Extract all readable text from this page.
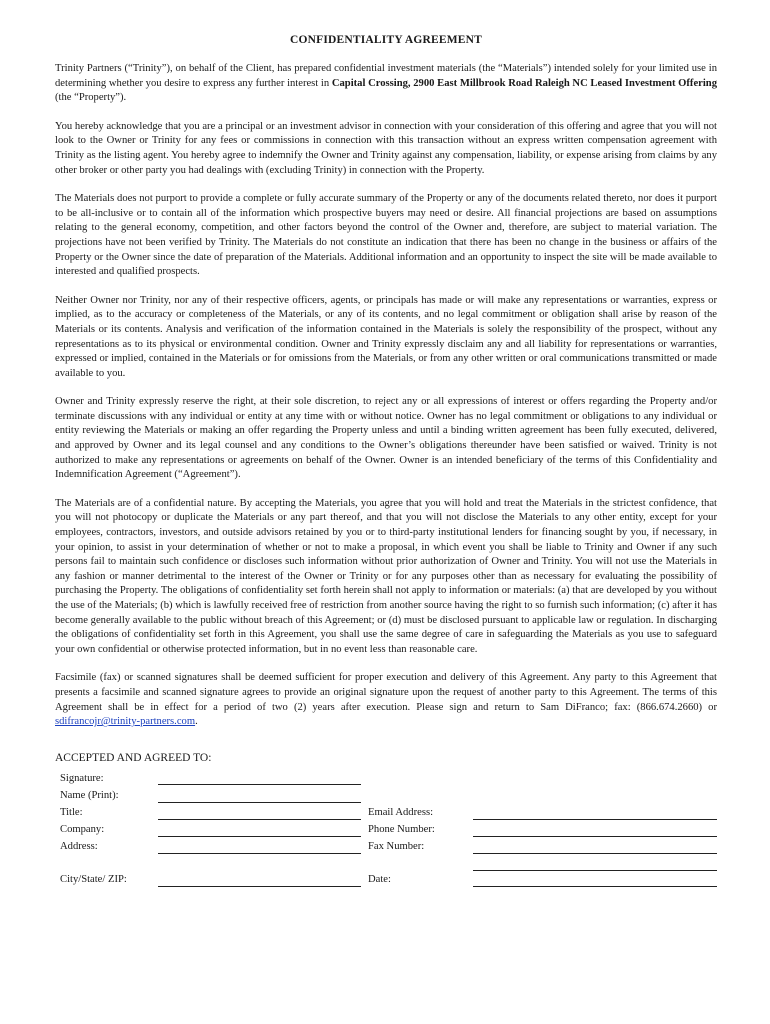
CONFIDENTIALITY AGREEMENT

Trinity Partners (“Trinity”), on behalf of the Client, has prepared confidential investment materials (the “Materials”) intended solely for your limited use in determining whether you desire to express any further interest in Capital Crossing, 2900 East Millbrook Road Raleigh NC Leased Investment Offering (the “Property”).

You hereby acknowledge that you are a principal or an investment advisor in connection with your consideration of this offering and agree that you will not look to the Owner or Trinity for any fees or commissions in connection with this transaction without an express written compensation agreement with Trinity as the listing agent. You hereby agree to indemnify the Owner and Trinity against any compensation, liability, or expense arising from claims by any other broker or other party you had dealings with (excluding Trinity) in connection with the Property.

The Materials does not purport to provide a complete or fully accurate summary of the Property or any of the documents related thereto, nor does it purport to be all-inclusive or to contain all of the information which prospective buyers may need or desire. All financial projections are based on assumptions relating to the general economy, competition, and other factors beyond the control of the Owner and, therefore, are subject to material variation. The projections have not been verified by Trinity. The Materials do not constitute an indication that there has been no change in the business or affairs of the Property or the Owner since the date of preparation of the Materials. Additional information and an opportunity to inspect the site will be made available to interested and qualified prospects.

Neither Owner nor Trinity, nor any of their respective officers, agents, or principals has made or will make any representations or warranties, express or implied, as to the accuracy or completeness of the Materials, or any of its contents, and no legal commitment or obligation shall arise by reason of the Materials or its contents. Analysis and verification of the information contained in the Materials is solely the responsibility of the prospect, without any representations as to its physical or environmental condition. Owner and Trinity expressly disclaim any and all liability for representations or warranties, expressed or implied, contained in the Materials or for omissions from the Materials, or from any other written or oral communications transmitted or made available to you.

Owner and Trinity expressly reserve the right, at their sole discretion, to reject any or all expressions of interest or offers regarding the Property and/or terminate discussions with any individual or entity at any time with or without notice. Owner has no legal commitment or obligations to any individual or entity reviewing the Materials or making an offer regarding the Property unless and until a binding written agreement has been fully executed, delivered, and approved by Owner and its legal counsel and any conditions to the Owner’s obligations thereunder have been satisfied or waived. Trinity is not authorized to make any representations or agreements on behalf of the Owner. Owner is an intended beneficiary of the terms of this Confidentiality and Indemnification Agreement (“Agreement”).

The Materials are of a confidential nature. By accepting the Materials, you agree that you will hold and treat the Materials in the strictest confidence, that you will not photocopy or duplicate the Materials or any part thereof, and that you will not disclose the Materials to any other entity, except for your employees, contractors, investors, and outside advisors retained by you or to third-party institutional lenders for financing sought by you, if necessary, in your opinion, to assist in your determination of whether or not to make a proposal, in which event you shall be liable to Trinity and Owner if any such persons fail to maintain such confidence or discloses such information without prior authorization of Owner and Trinity. You will not use the Materials in any fashion or manner detrimental to the interest of the Owner or Trinity or for any purposes other than as necessary for evaluating the possibility of purchasing the Property. The obligations of confidentiality set forth herein shall not apply to information or materials: (a) that are developed by you without the use of the Materials; (b) which is lawfully received free of restriction from another source having the right to so furnish such information; (c) after it has become generally available to the public without breach of this Agreement; or (d) must be disclosed pursuant to applicable law or regulation. In discharging the obligations of confidentiality set forth in this Agreement, you shall use the same degree of care in safeguarding the Materials as you use to safeguard your own confidential or otherwise protected information, but in no event less than reasonable care.

Facsimile (fax) or scanned signatures shall be deemed sufficient for proper execution and delivery of this Agreement. Any party to this Agreement that presents a facsimile and scanned signature agrees to provide an original signature upon the request of another party to this Agreement. The terms of this Agreement shall be in effect for a period of two (2) years after execution. Please sign and return to Sam DiFranco; fax: (866.674.2660) or sdifrancojr@trinity-partners.com.

ACCEPTED AND AGREED TO:
Signature:
Name (Print):
Title:
Company:
Address:
City/State/ ZIP:
Email Address:
Phone Number:
Fax Number:
Date:
